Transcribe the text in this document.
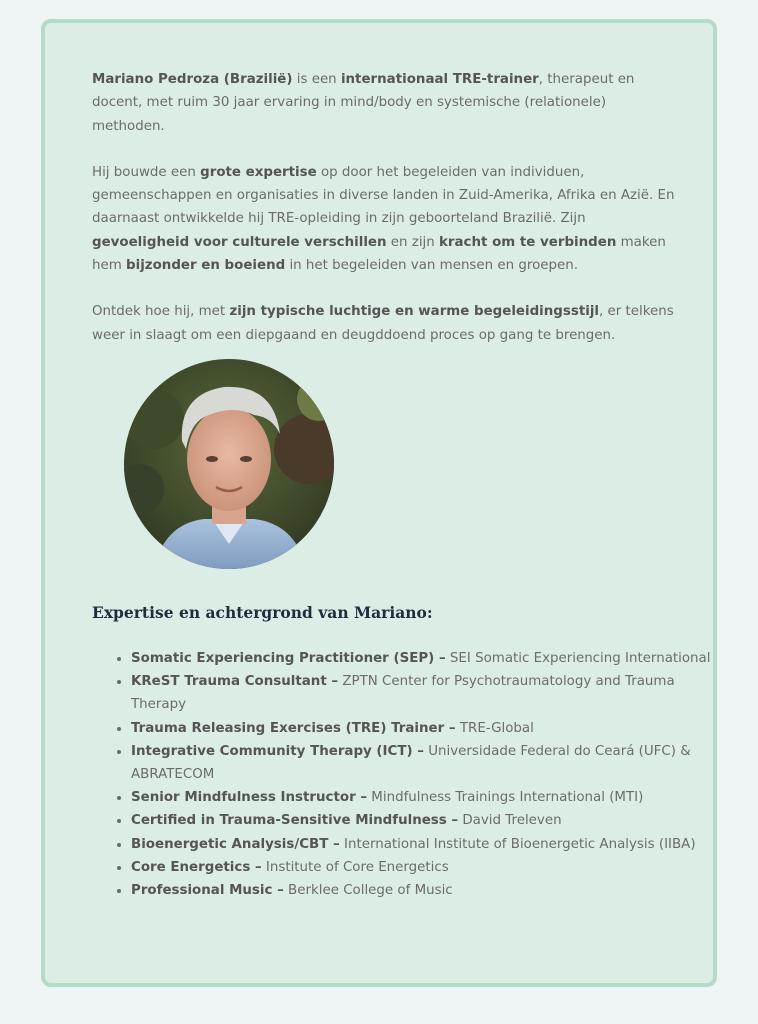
Mariano Pedroza (Brazilië) is een internationaal TRE-trainer, therapeut en docent, met ruim 30 jaar ervaring in mind/body en systemische (relationele) methoden.

Hij bouwde een grote expertise op door het begeleiden van individuen, gemeenschappen en organisaties in diverse landen in Zuid-Amerika, Afrika en Azië. En daarnaast ontwikkelde hij TRE-opleiding in zijn geboorteland Brazilië. Zijn gevoeligheid voor culturele verschillen en zijn kracht om te verbinden maken hem bijzonder en boeiend in het begeleiden van mensen en groepen.

Ontdek hoe hij, met zijn typische luchtige en warme begeleidingsstijl, er telkens weer in slaagt om een diepgaand en deugddoend proces op gang te brengen.

Expertise en achtergrond van Mariano:
• Somatic Experiencing Practitioner (SEP) – SEI Somatic Experiencing International
• KReST Trauma Consultant – ZPTN Center for Psychotraumatology and Trauma Therapy
• Trauma Releasing Exercises (TRE) Trainer – TRE-Global
• Integrative Community Therapy (ICT) – Universidade Federal do Ceará (UFC) & ABRATECOM
• Senior Mindfulness Instructor – Mindfulness Trainings International (MTI)
• Certified in Trauma-Sensitive Mindfulness – David Treleven
• Bioenergetic Analysis/CBT – International Institute of Bioenergetic Analysis (IIBA)
• Core Energetics – Institute of Core Energetics
• Professional Music – Berklee College of Music
